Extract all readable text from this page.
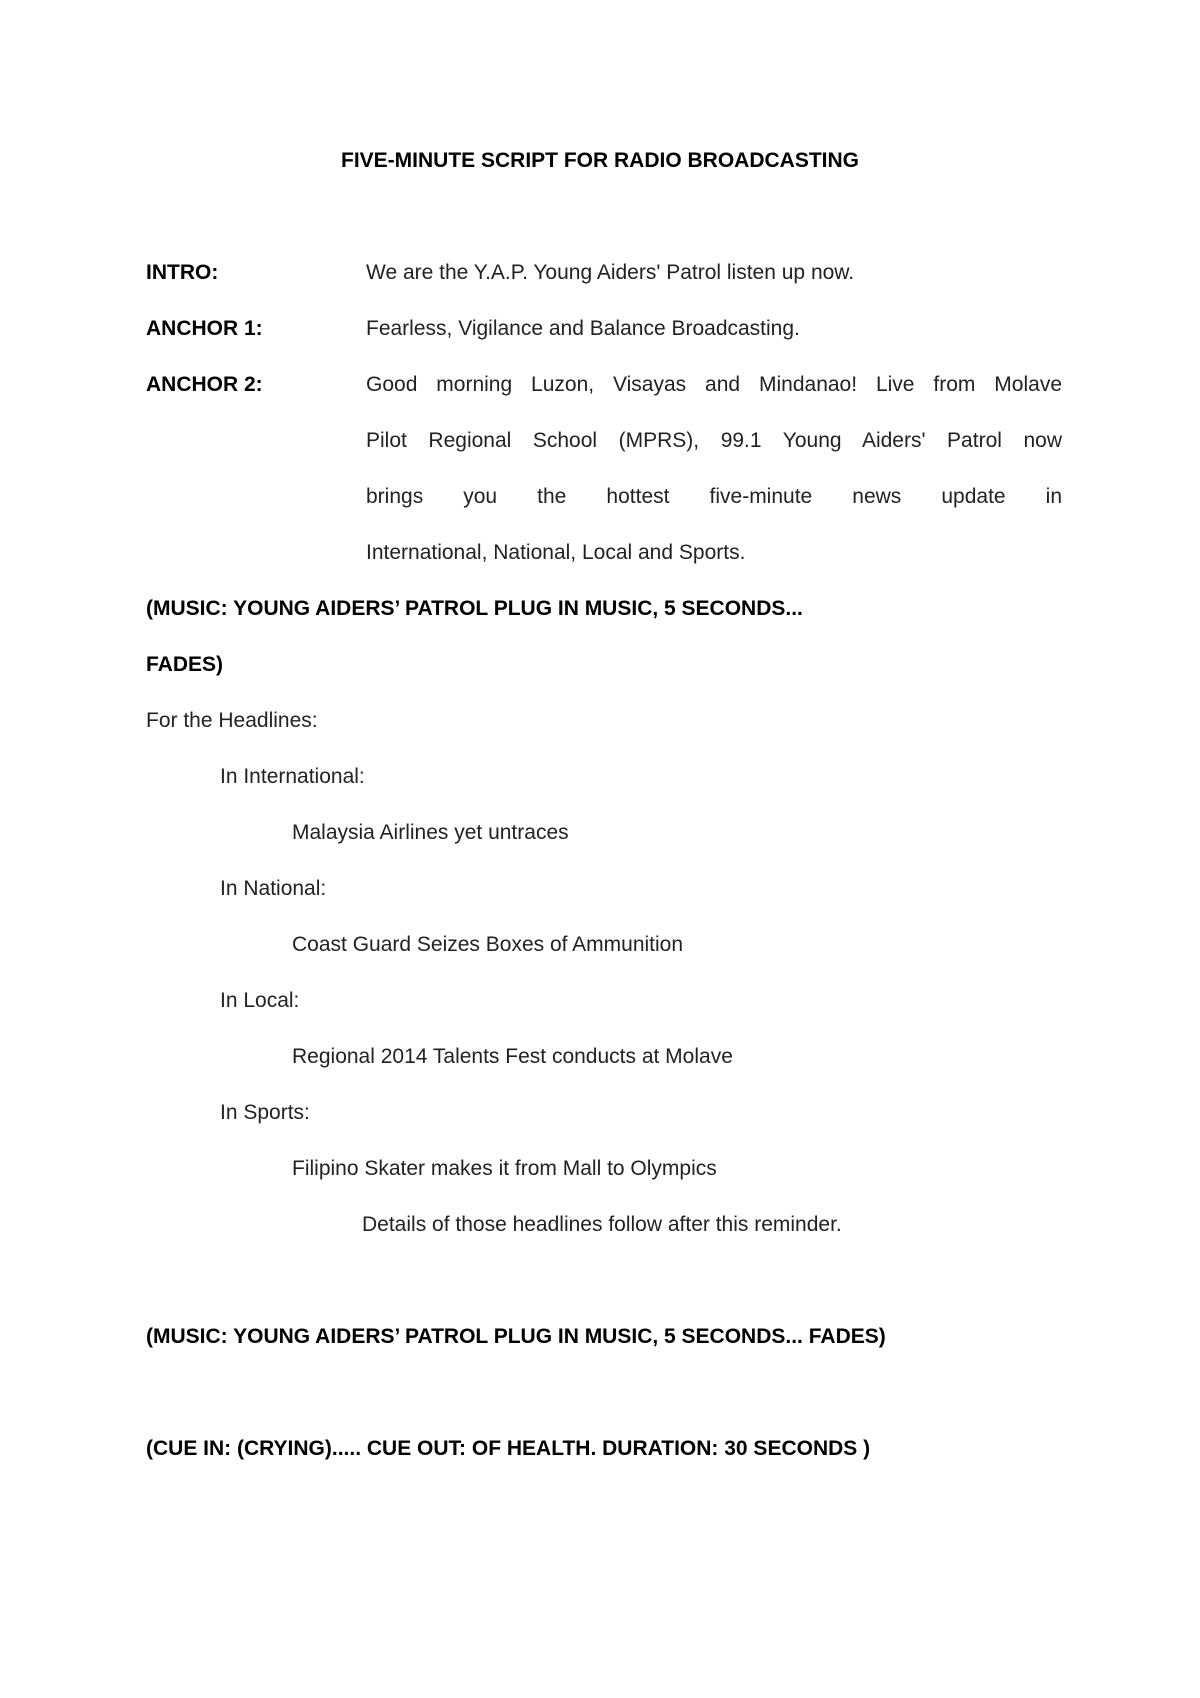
FIVE-MINUTE SCRIPT FOR RADIO BROADCASTING
INTRO:	We are the Y.A.P. Young Aiders' Patrol listen up now.
ANCHOR 1:	Fearless, Vigilance and Balance Broadcasting.
ANCHOR 2:	Good morning Luzon, Visayas and Mindanao! Live from Molave
Pilot Regional School (MPRS), 99.1 Young Aiders' Patrol now
brings you the hottest five-minute news update in
International, National, Local and Sports.
(MUSIC: YOUNG AIDERS’ PATROL PLUG IN MUSIC, 5 SECONDS...
FADES)
For the Headlines:
In International:
Malaysia Airlines yet untraces
In National:
Coast Guard Seizes Boxes of Ammunition
In Local:
Regional 2014 Talents Fest conducts at Molave
In Sports:
Filipino Skater makes it from Mall to Olympics
Details of those headlines follow after this reminder.
(MUSIC: YOUNG AIDERS’ PATROL PLUG IN MUSIC, 5 SECONDS... FADES)
(CUE IN: (CRYING)..... CUE OUT: OF HEALTH. DURATION: 30 SECONDS )
